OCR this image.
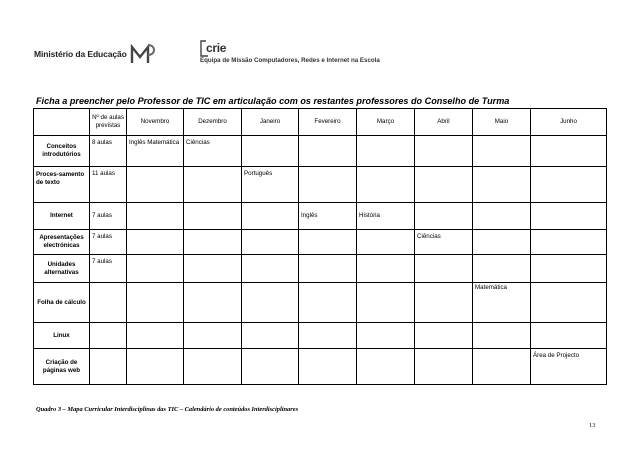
Ministério da Educação	crie
Equipa de Missão Computadores, Redes e Internet na Escola
Ficha a preencher pelo Professor de TIC em articulação com os restantes professores do Conselho de Turma
	Nº de aulas previstas	Novembro	Dezembro	Janeiro	Fevereiro	Março	Abril	Maio	Junho
Conceitos introdutórios	8 aulas	Inglês Matemática	Ciências						
Proces-samento de texto	11 aulas			Português					
Internet	7 aulas				Inglês	História			
Apresentações electrónicas	7 aulas						Ciências		
Unidades alternativas	7 aulas								
Folha de cálculo								Matemática	
Linux									
Criação de páginas web									Área de Projecto
Quadro 3 – Mapa Curricular Interdisciplinas das TIC – Calendário de conteúdos Interdisciplinares
13
